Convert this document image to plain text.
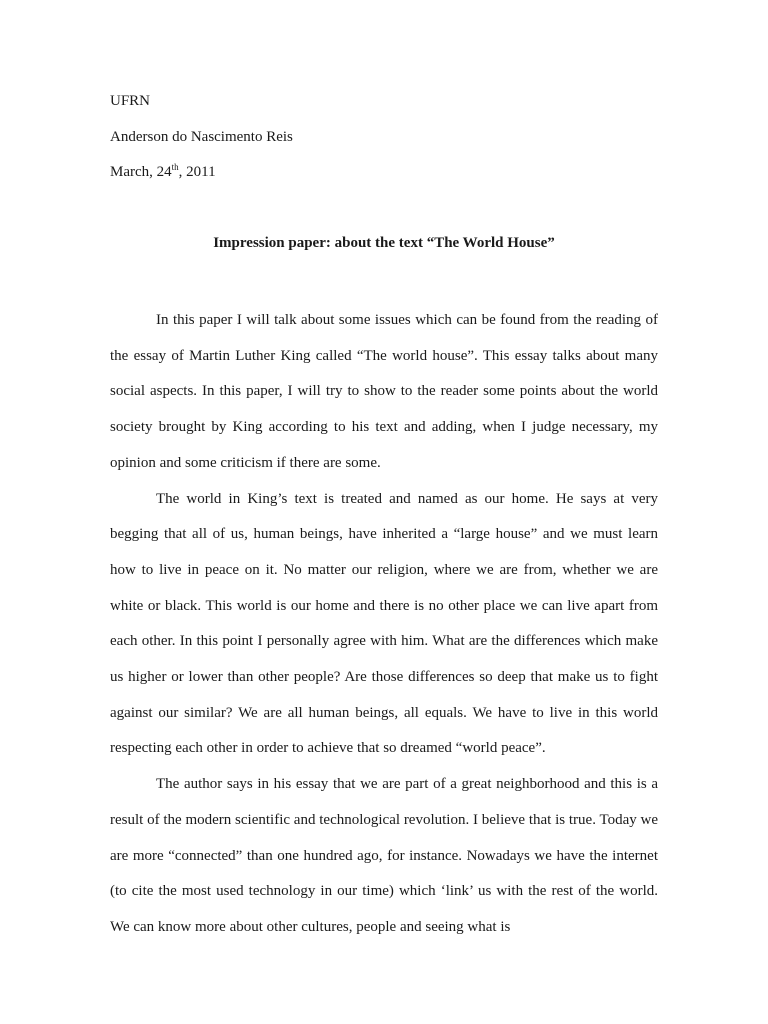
UFRN
Anderson do Nascimento Reis
March, 24th, 2011
Impression paper: about the text “The World House”

In this paper I will talk about some issues which can be found from the reading of the essay of Martin Luther King called “The world house”. This essay talks about many social aspects. In this paper, I will try to show to the reader some points about the world society brought by King according to his text and adding, when I judge necessary, my opinion and some criticism if there are some.

The world in King’s text is treated and named as our home. He says at very begging that all of us, human beings, have inherited a “large house” and we must learn how to live in peace on it. No matter our religion, where we are from, whether we are white or black. This world is our home and there is no other place we can live apart from each other. In this point I personally agree with him. What are the differences which make us higher or lower than other people? Are those differences so deep that make us to fight against our similar? We are all human beings, all equals. We have to live in this world respecting each other in order to achieve that so dreamed “world peace”.

The author says in his essay that we are part of a great neighborhood and this is a result of the modern scientific and technological revolution. I believe that is true. Today we are more “connected” than one hundred ago, for instance. Nowadays we have the internet (to cite the most used technology in our time) which ‘link’ us with the rest of the world. We can know more about other cultures, people and seeing what is
